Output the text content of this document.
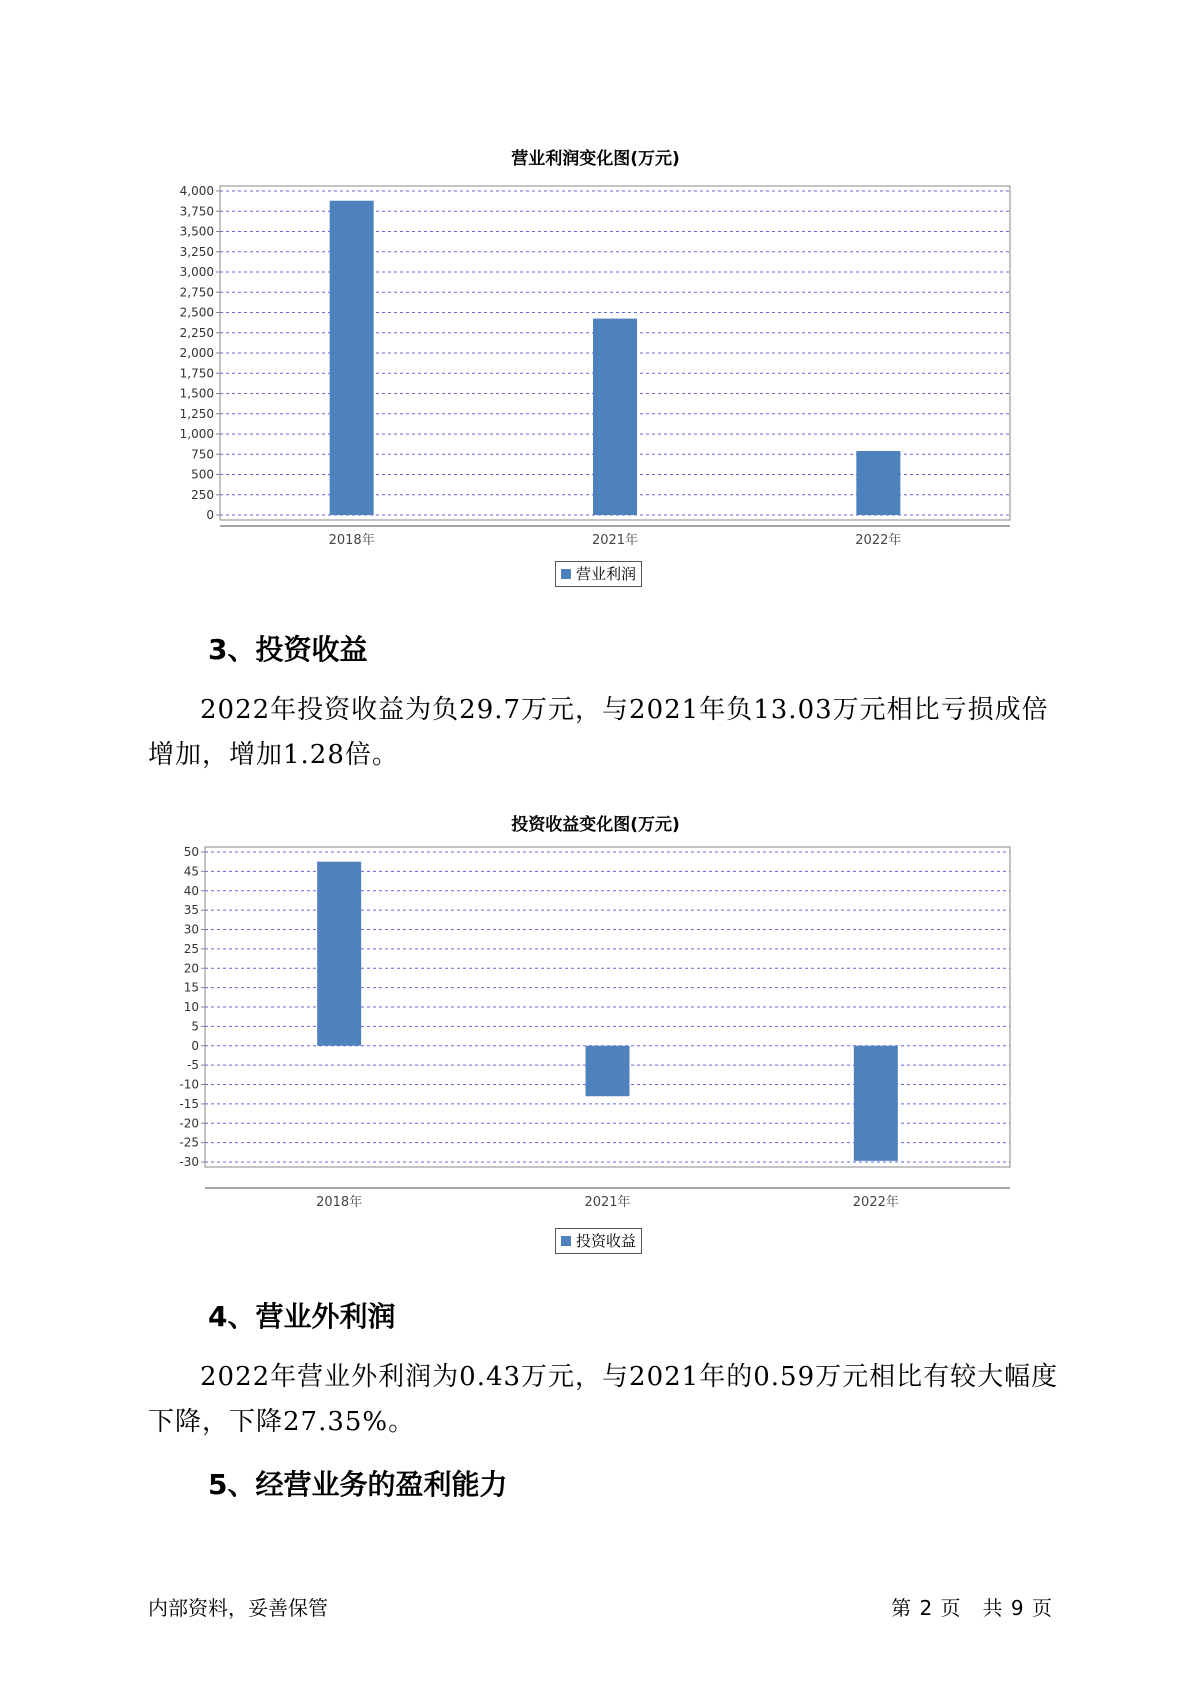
营业利润变化图(万元)
0
250
500
750
1,000
1,250
1,500
1,750
2,000
2,250
2,500
2,750
3,000
3,250
3,500
3,750
4,000
2018年	2021年	2022年
营业利润
3、投资收益

2022年投资收益为负29.7万元，与2021年负13.03万元相比亏损成倍增加，增加1.28倍。

投资收益变化图(万元)
-30
-25
-20
-15
-10
-5
0
5
10
15
20
25
30
35
40
45
50
2018年	2021年	2022年
投资收益
4、营业外利润

2022年营业外利润为0.43万元，与2021年的0.59万元相比有较大幅度下降，下降27.35%。

5、经营业务的盈利能力
内部资料，妥善保管	第 2 页　共 9 页
